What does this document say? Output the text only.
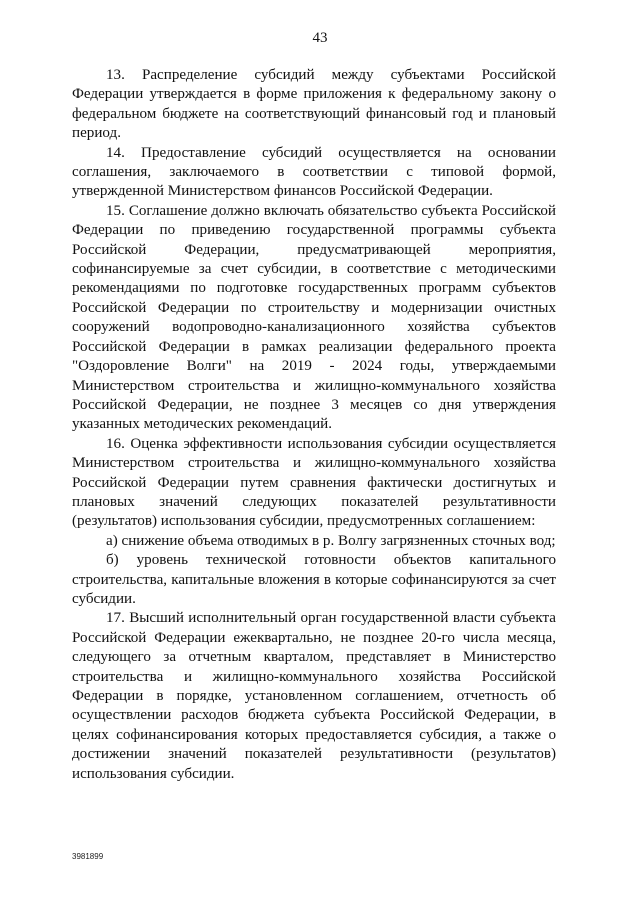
43

13. Распределение субсидий между субъектами Российской Федерации утверждается в форме приложения к федеральному закону о федеральном бюджете на соответствующий финансовый год и плановый период.

14. Предоставление субсидий осуществляется на основании соглашения, заключаемого в соответствии с типовой формой, утвержденной Министерством финансов Российской Федерации.

15. Соглашение должно включать обязательство субъекта Российской Федерации по приведению государственной программы субъекта Российской Федерации, предусматривающей мероприятия, софинансируемые за счет субсидии, в соответствие с методическими рекомендациями по подготовке государственных программ субъектов Российской Федерации по строительству и модернизации очистных сооружений водопроводно-канализационного хозяйства субъектов Российской Федерации в рамках реализации федерального проекта "Оздоровление Волги" на 2019 - 2024 годы, утверждаемыми Министерством строительства и жилищно-коммунального хозяйства Российской Федерации, не позднее 3 месяцев со дня утверждения указанных методических рекомендаций.

16. Оценка эффективности использования субсидии осуществляется Министерством строительства и жилищно-коммунального хозяйства Российской Федерации путем сравнения фактически достигнутых и плановых значений следующих показателей результативности (результатов) использования субсидии, предусмотренных соглашением:

а) снижение объема отводимых в р. Волгу загрязненных сточных вод;

б) уровень технической готовности объектов капитального строительства, капитальные вложения в которые софинансируются за счет субсидии.

17. Высший исполнительный орган государственной власти субъекта Российской Федерации ежеквартально, не позднее 20-го числа месяца, следующего за отчетным кварталом, представляет в Министерство строительства и жилищно-коммунального хозяйства Российской Федерации в порядке, установленном соглашением, отчетность об осуществлении расходов бюджета субъекта Российской Федерации, в целях софинансирования которых предоставляется субсидия, а также о достижении значений показателей результативности (результатов) использования субсидии.

3981899
